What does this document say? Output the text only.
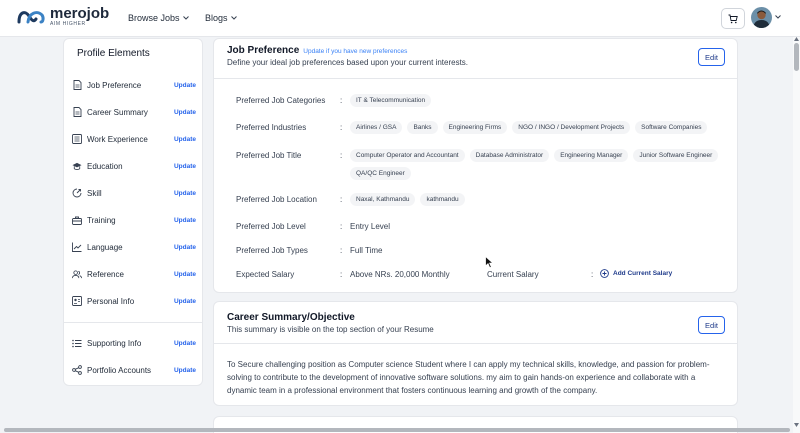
merojob
AIM HIGHER
Browse Jobs	Blogs
Profile Elements
Job Preference	Update
Career Summary	Update
Work Experience	Update
Education	Update
Skill	Update
Training	Update
Language	Update
Reference	Update
Personal Info	Update
Supporting Info	Update
Portfolio Accounts	Update
Job Preference Update if you have new preferences
Define your ideal job preferences based upon your current interests.
Edit
Preferred Job Categories	:	IT & Telecommunication
Preferred Industries	:	Airlines / GSA	Banks	Engineering Firms	NGO / INGO / Development Projects	Software Companies
Preferred Job Title	:	Computer Operator and Accountant	Database Administrator	Engineering Manager	Junior Software Engineer
QA/QC Engineer
Preferred Job Location	:	Naxal, Kathmandu	kathmandu
Preferred Job Level	: Entry Level
Preferred Job Types	: Full Time
Expected Salary	: Above NRs. 20,000 Monthly	Current Salary	:	Add Current Salary
Career Summary/Objective
This summary is visible on the top section of your Resume	Edit
To Secure challenging position as Computer science Student where I can apply my technical skills, knowledge, and passion for problem- solving to contribute to the development of innovative software solutions. my aim to gain hands-on experience and collaborate with a dynamic team in a professional environment that fosters continuous learning and growth of the company.
